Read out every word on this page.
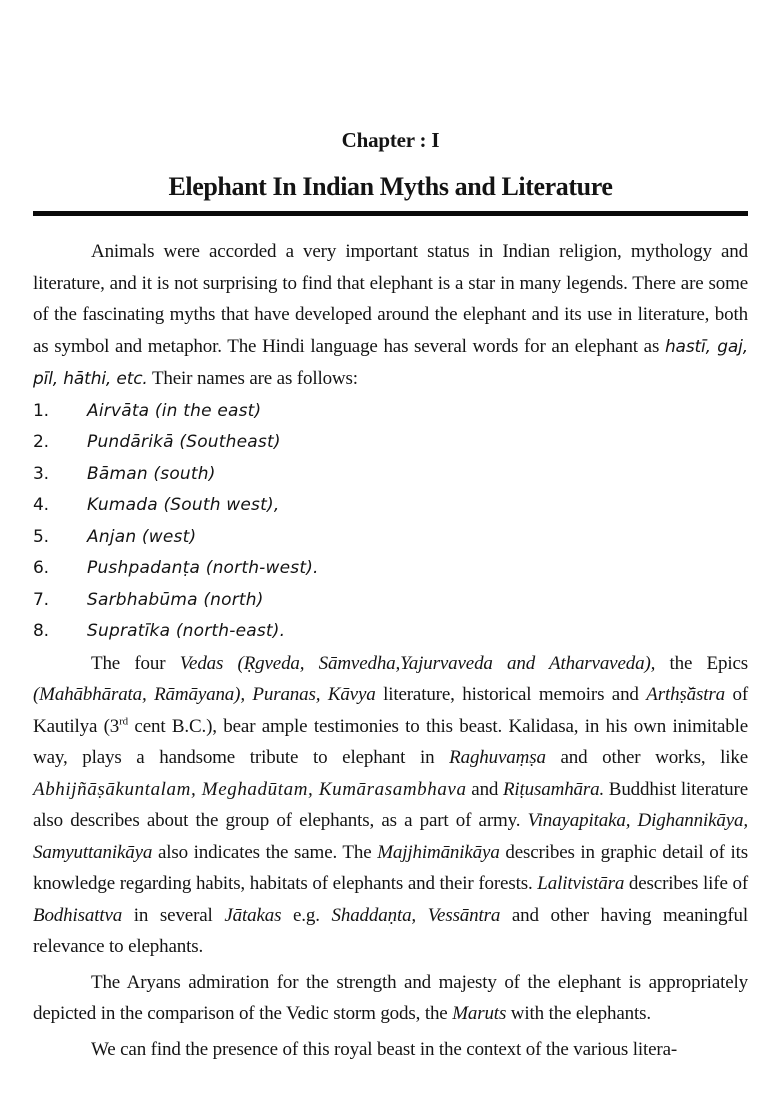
Chapter : I
Elephant In Indian Myths and Literature

Animals were accorded a very important status in Indian religion, mythology and literature, and it is not surprising to find that elephant is a star in many legends. There are some of the fascinating myths that have developed around the elephant and its use in literature, both as symbol and metaphor. The Hindi language has several words for an elephant as hastī, gaj, pīl, hāthi, etc. Their names are as follows:

1.	Airvāta (in the east)
2.	Pundārikā (Southeast)
3.	Bāman (south)
4.	Kumada (South west),
5.	Anjan (west)
6.	Pushpadanṭa (north-west).
7.	Sarbhabūma (north)
8.	Supratīka (north-east).

The four Vedas (Ṛgveda, Sāmvedha,Yajurvaveda and Atharvaveda), the Epics (Mahābhārata, Rāmāyana), Puranas, Kāvya literature, historical memoirs and Arthṣ̌āstra of Kautilya (3rd cent B.C.), bear ample testimonies to this beast. Kalidasa, in his own inimitable way, plays a handsome tribute to elephant in Raghuvaṃṣa and other works, like Abhijñāṣākuntalam, Meghadūtam, Kumārasambhava and Riṭusamhāra. Buddhist literature also describes about the group of elephants, as a part of army. Vinayapitaka, Dighannikāya, Samyuttanikāya also indicates the same. The Majjhimānikāya describes in graphic detail of its knowledge regarding habits, habitats of elephants and their forests. Lalitvistāra describes life of Bodhisattva in several Jātakas e.g. Shaddaṇta, Vessāntra and other having meaningful relevance to elephants.

The Aryans admiration for the strength and majesty of the elephant is appropriately depicted in the comparison of the Vedic storm gods, the Maruts with the elephants.

We can find the presence of this royal beast in the context of the various litera-
